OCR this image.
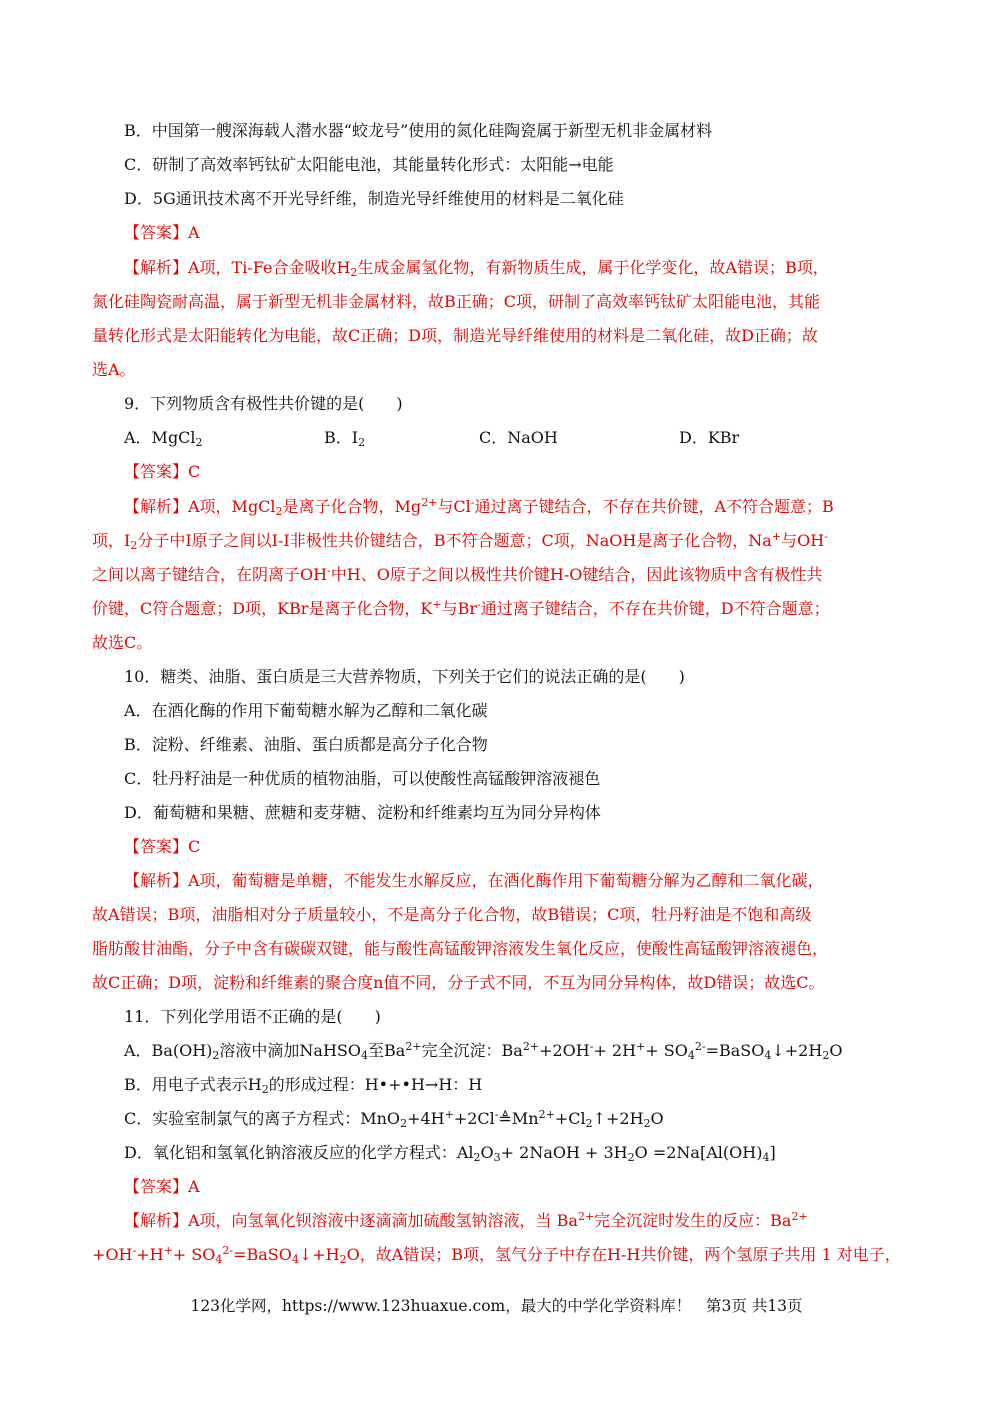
B．中国第一艘深海载人潜水器“蛟龙号”使用的氮化硅陶瓷属于新型无机非金属材料
C．研制了高效率钙钛矿太阳能电池，其能量转化形式：太阳能→电能
D．5G通讯技术离不开光导纤维，制造光导纤维使用的材料是二氧化硅
【答案】A
【解析】A项，Ti-Fe合金吸收$H_2$生成金属氢化物，有新物质生成，属于化学变化，故A错误；B项，
氮化硅陶瓷耐高温，属于新型无机非金属材料，故B正确；C项，研制了高效率钙钛矿太阳能电池，其能
量转化形式是太阳能转化为电能，故C正确；D项，制造光导纤维使用的材料是二氧化硅，故D正确；故
选A。
9．下列物质含有极性共价键的是(　　)
A．MgCl$_2$	B．$I_2$	C．NaOH	D．KBr
【答案】C
【解析】A项，MgCl$_2$是离子化合物，$Mg^{2+}$与Cl-通过离子键结合，不存在共价键，A不符合题意；B
项，$I_2$分子中I原子之间以I-I非极性共价键结合，B不符合题意；C项，NaOH是离子化合物，Na+与OH-
之间以离子键结合，在阴离子OH-中H、O原子之间以极性共价键H-O键结合，因此该物质中含有极性共
价键，C符合题意；D项，KBr是离子化合物，K+与Br-通过离子键结合，不存在共价键，D不符合题意；
故选C。
10．糖类、油脂、蛋白质是三大营养物质，下列关于它们的说法正确的是(　　)
A．在酒化酶的作用下葡萄糖水解为乙醇和二氧化碳
B．淀粉、纤维素、油脂、蛋白质都是高分子化合物
C．牡丹籽油是一种优质的植物油脂，可以使酸性高锰酸钾溶液褪色
D．葡萄糖和果糖、蔗糖和麦芽糖、淀粉和纤维素均互为同分异构体
【答案】C
【解析】A项，葡萄糖是单糖，不能发生水解反应，在酒化酶作用下葡萄糖分解为乙醇和二氧化碳，
故A错误；B项，油脂相对分子质量较小，不是高分子化合物，故B错误；C项，牡丹籽油是不饱和高级
脂肪酸甘油酯，分子中含有碳碳双键，能与酸性高锰酸钾溶液发生氧化反应，使酸性高锰酸钾溶液褪色，
故C正确；D项，淀粉和纤维素的聚合度n值不同，分子式不同，不互为同分异构体，故D错误；故选C。
11．下列化学用语不正确的是(　　)
A．$Ba(OH)_2$溶液中滴加NaHSO$_4$至$Ba^{2+}$完全沉淀：$Ba^{2+}+2OH^-+ 2H^++$ $SO_4^{2-}=BaSO_4↓+2H_2O$
B．用电子式表示$H_2$的形成过程：H•+•H→H：H
C．实验室制氯气的离子方程式：$MnO_2+4H^++2Cl^-≜Mn^{2+}+Cl_2↑+2H_2O$
D．氧化铝和氢氧化钠溶液反应的化学方程式：$Al_2O_3+$ 2NaOH + $3H_2O =2Na[Al(OH)_4]$
【答案】A
【解析】A项，向氢氧化钡溶液中逐滴滴加硫酸氢钠溶液，当 $Ba^{2+}$完全沉淀时发生的反应：$Ba^{2+}$
$+OH^-+H^++ SO_4^{2-}=BaSO_4↓+H_2O$，故A错误；B项，氢气分子中存在H-H共价键，两个氢原子共用 1 对电子，
123化学网，https://www.123huaxue.com，最大的中学化学资料库！ 第3页 共13页
